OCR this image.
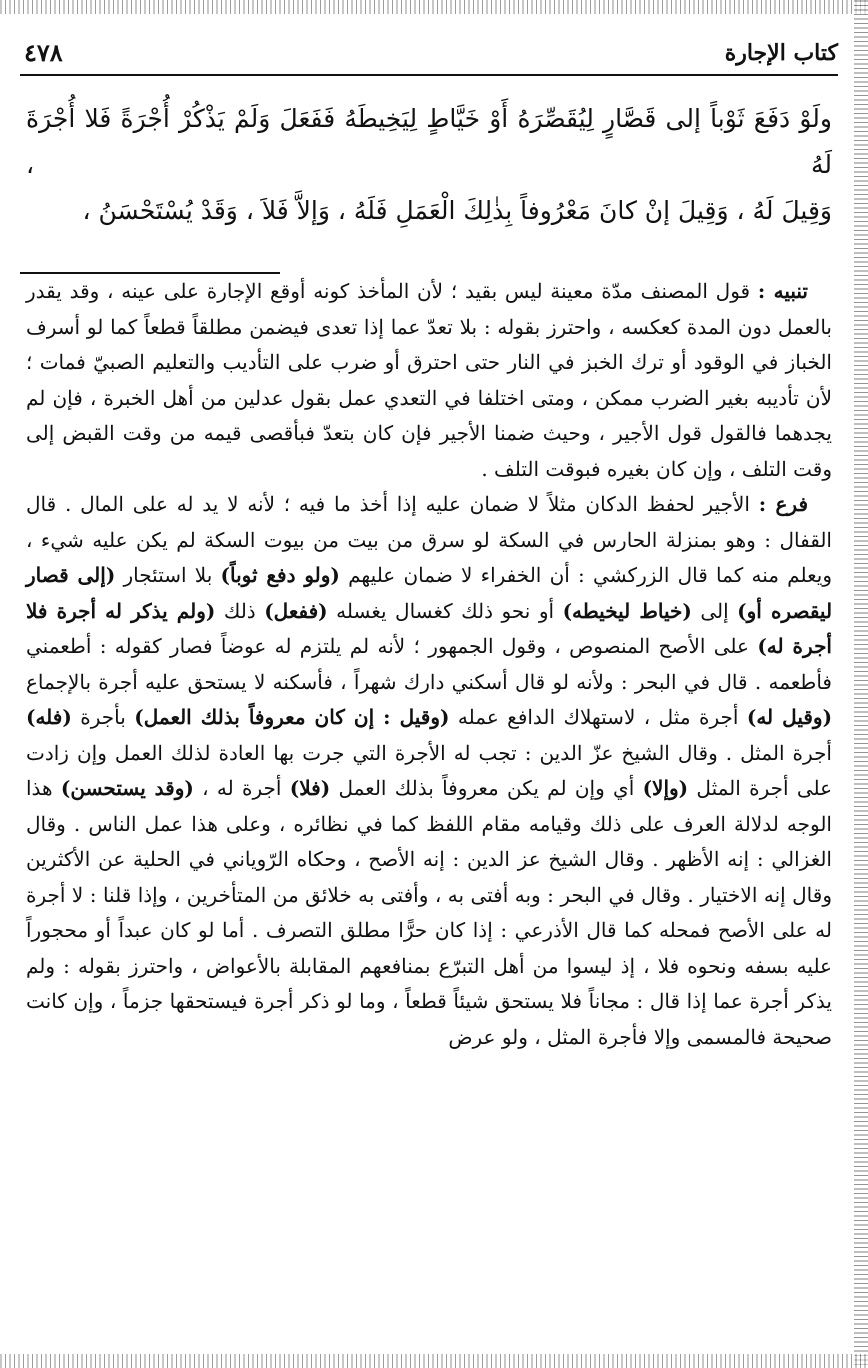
كتاب الإجارة
٤٧٨

ولَوْ دَفَعَ ثَوْباً إلى قَصَّارٍ لِيُقَصِّرَهُ أَوْ خَيَّاطٍ لِيَخِيطَهُ فَفَعَلَ وَلَمْ يَذْكُرْ أُجْرَةً فَلا أُجْرَةَ لَهُ ،

وَقِيلَ لَهُ ، وَقِيلَ إنْ كانَ مَعْرُوفاً بِذٰلِكَ الْعَمَلِ فَلَهُ ، وَإلاَّ فَلاَ ، وَقَدْ يُسْتَحْسَنُ ،

تنبيه : قول المصنف مدّة معينة ليس بقيد ؛ لأن المأخذ كونه أوقع الإجارة على عينه ، وقد يقدر بالعمل دون المدة كعكسه ، واحترز بقوله : بلا تعدّ عما إذا تعدى فيضمن مطلقاً قطعاً كما لو أسرف الخباز في الوقود أو ترك الخبز في النار حتى احترق أو ضرب على التأديب والتعليم الصبيّ فمات ؛ لأن تأديبه بغير الضرب ممكن ، ومتى اختلفا في التعدي عمل بقول عدلين من أهل الخبرة ، فإن لم يجدهما فالقول قول الأجير ، وحيث ضمنا الأجير فإن كان بتعدّ فبأقصى قيمه من وقت القبض إلى وقت التلف ، وإن كان بغيره فبوقت التلف .

فرع : الأجير لحفظ الدكان مثلاً لا ضمان عليه إذا أخذ ما فيه ؛ لأنه لا يد له على المال . قال القفال : وهو بمنزلة الحارس في السكة لو سرق من بيت من بيوت السكة لم يكن عليه شيء ، ويعلم منه كما قال الزركشي : أن الخفراء لا ضمان عليهم (ولو دفع ثوباً) بلا استئجار (إلى قصار ليقصره أو) إلى (خياط ليخيطه) أو نحو ذلك كغسال يغسله (ففعل) ذلك (ولم يذكر له أجرة فلا أجرة له) على الأصح المنصوص ، وقول الجمهور ؛ لأنه لم يلتزم له عوضاً فصار كقوله : أطعمني فأطعمه . قال في البحر : ولأنه لو قال أسكني دارك شهراً ، فأسكنه لا يستحق عليه أجرة بالإجماع (وقيل له) أجرة مثل ، لاستهلاك الدافع عمله (وقيل : إن كان معروفاً بذلك العمل) بأجرة (فله) أجرة المثل . وقال الشيخ عزّ الدين : تجب له الأجرة التي جرت بها العادة لذلك العمل وإن زادت على أجرة المثل (وإلا) أي وإن لم يكن معروفاً بذلك العمل (فلا) أجرة له ، (وقد يستحسن) هذا الوجه لدلالة العرف على ذلك وقيامه مقام اللفظ كما في نظائره ، وعلى هذا عمل الناس . وقال الغزالي : إنه الأظهر . وقال الشيخ عز الدين : إنه الأصح ، وحكاه الرّوياني في الحلية عن الأكثرين وقال إنه الاختيار . وقال في البحر : وبه أفتى به ، وأفتى به خلائق من المتأخرين ، وإذا قلنا : لا أجرة له على الأصح فمحله كما قال الأذرعي : إذا كان حرًّا مطلق التصرف . أما لو كان عبداً أو محجوراً عليه بسفه ونحوه فلا ، إذ ليسوا من أهل التبرّع بمنافعهم المقابلة بالأعواض ، واحترز بقوله : ولم يذكر أجرة عما إذا قال : مجاناً فلا يستحق شيئاً قطعاً ، وما لو ذكر أجرة فيستحقها جزماً ، وإن كانت صحيحة فالمسمى وإلا فأجرة المثل ، ولو عرض
